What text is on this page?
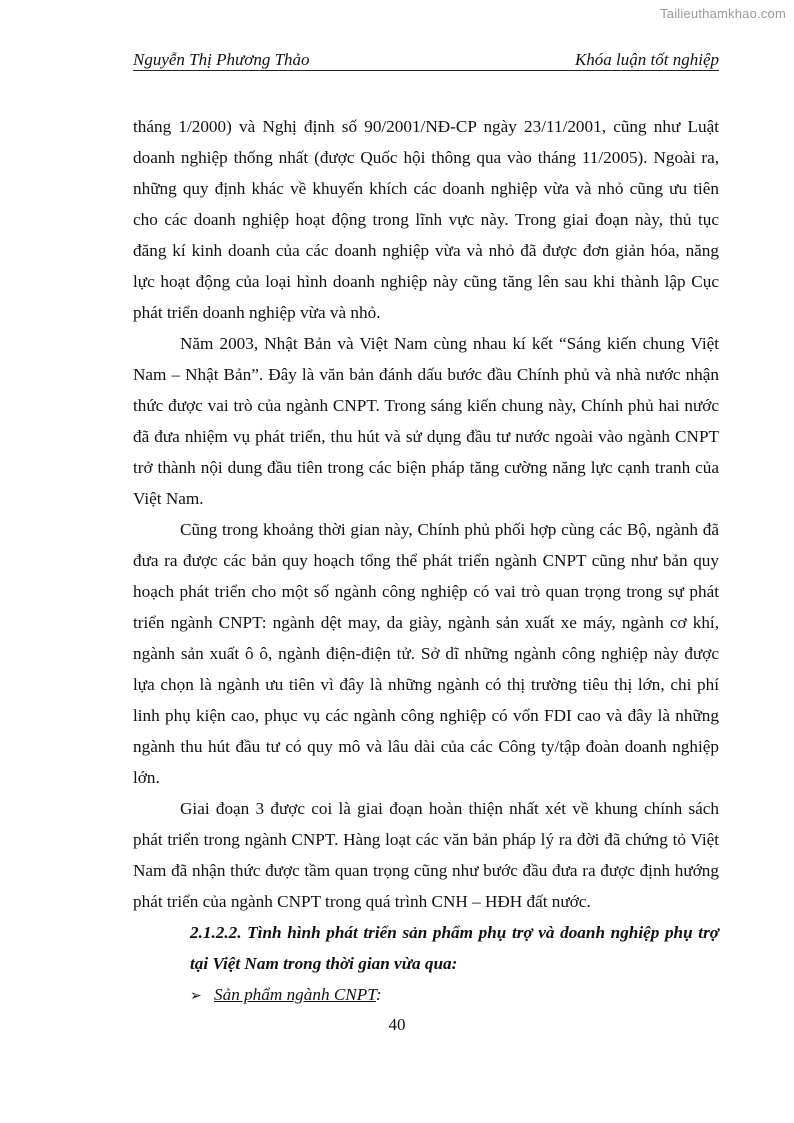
Tailieuthamkhao.com
Nguyễn Thị Phương Thảo	Khóa luận tốt nghiệp

tháng 1/2000) và Nghị định số 90/2001/NĐ-CP ngày 23/11/2001, cũng như Luật doanh nghiệp thống nhất (được Quốc hội thông qua vào tháng 11/2005). Ngoài ra, những quy định khác về khuyến khích các doanh nghiệp vừa và nhỏ cũng ưu tiên cho các doanh nghiệp hoạt động trong lĩnh vực này. Trong giai đoạn này, thủ tục đăng kí kinh doanh của các doanh nghiệp vừa và nhỏ đã được đơn giản hóa, năng lực hoạt động của loại hình doanh nghiệp này cũng tăng lên sau khi thành lập Cục phát triển doanh nghiệp vừa và nhỏ.

Năm 2003, Nhật Bản và Việt Nam cùng nhau kí kết “Sáng kiến chung Việt Nam – Nhật Bản”. Đây là văn bản đánh dấu bước đầu Chính phủ và nhà nước nhận thức được vai trò của ngành CNPT. Trong sáng kiến chung này, Chính phủ hai nước đã đưa nhiệm vụ phát triển, thu hút và sử dụng đầu tư nước ngoài vào ngành CNPT trở thành nội dung đầu tiên trong các biện pháp tăng cường năng lực cạnh tranh của Việt Nam.

Cũng trong khoảng thời gian này, Chính phủ phối hợp cùng các Bộ, ngành đã đưa ra được các bản quy hoạch tổng thể phát triển ngành CNPT cũng như bản quy hoạch phát triển cho một số ngành công nghiệp có vai trò quan trọng trong sự phát triển ngành CNPT: ngành dệt may, da giày, ngành sản xuất xe máy, ngành cơ khí, ngành sản xuất ô ô, ngành điện-điện tử. Sở dĩ những ngành công nghiệp này được lựa chọn là ngành ưu tiên vì đây là những ngành có thị trường tiêu thị lớn, chi phí linh phụ kiện cao, phục vụ các ngành công nghiệp có vốn FDI cao và đây là những ngành thu hút đầu tư có quy mô và lâu dài của các Công ty/tập đoàn doanh nghiệp lớn.

Giai đoạn 3 được coi là giai đoạn hoàn thiện nhất xét về khung chính sách phát triển trong ngành CNPT. Hàng loạt các văn bản pháp lý ra đời đã chứng tỏ Việt Nam đã nhận thức được tầm quan trọng cũng như bước đầu đưa ra được định hướng phát triển của ngành CNPT trong quá trình CNH – HĐH đất nước.

2.1.2.2. Tình hình phát triển sản phẩm phụ trợ và doanh nghiệp phụ trợ tại Việt Nam trong thời gian vừa qua:

➢ Sản phẩm ngành CNPT:

40
